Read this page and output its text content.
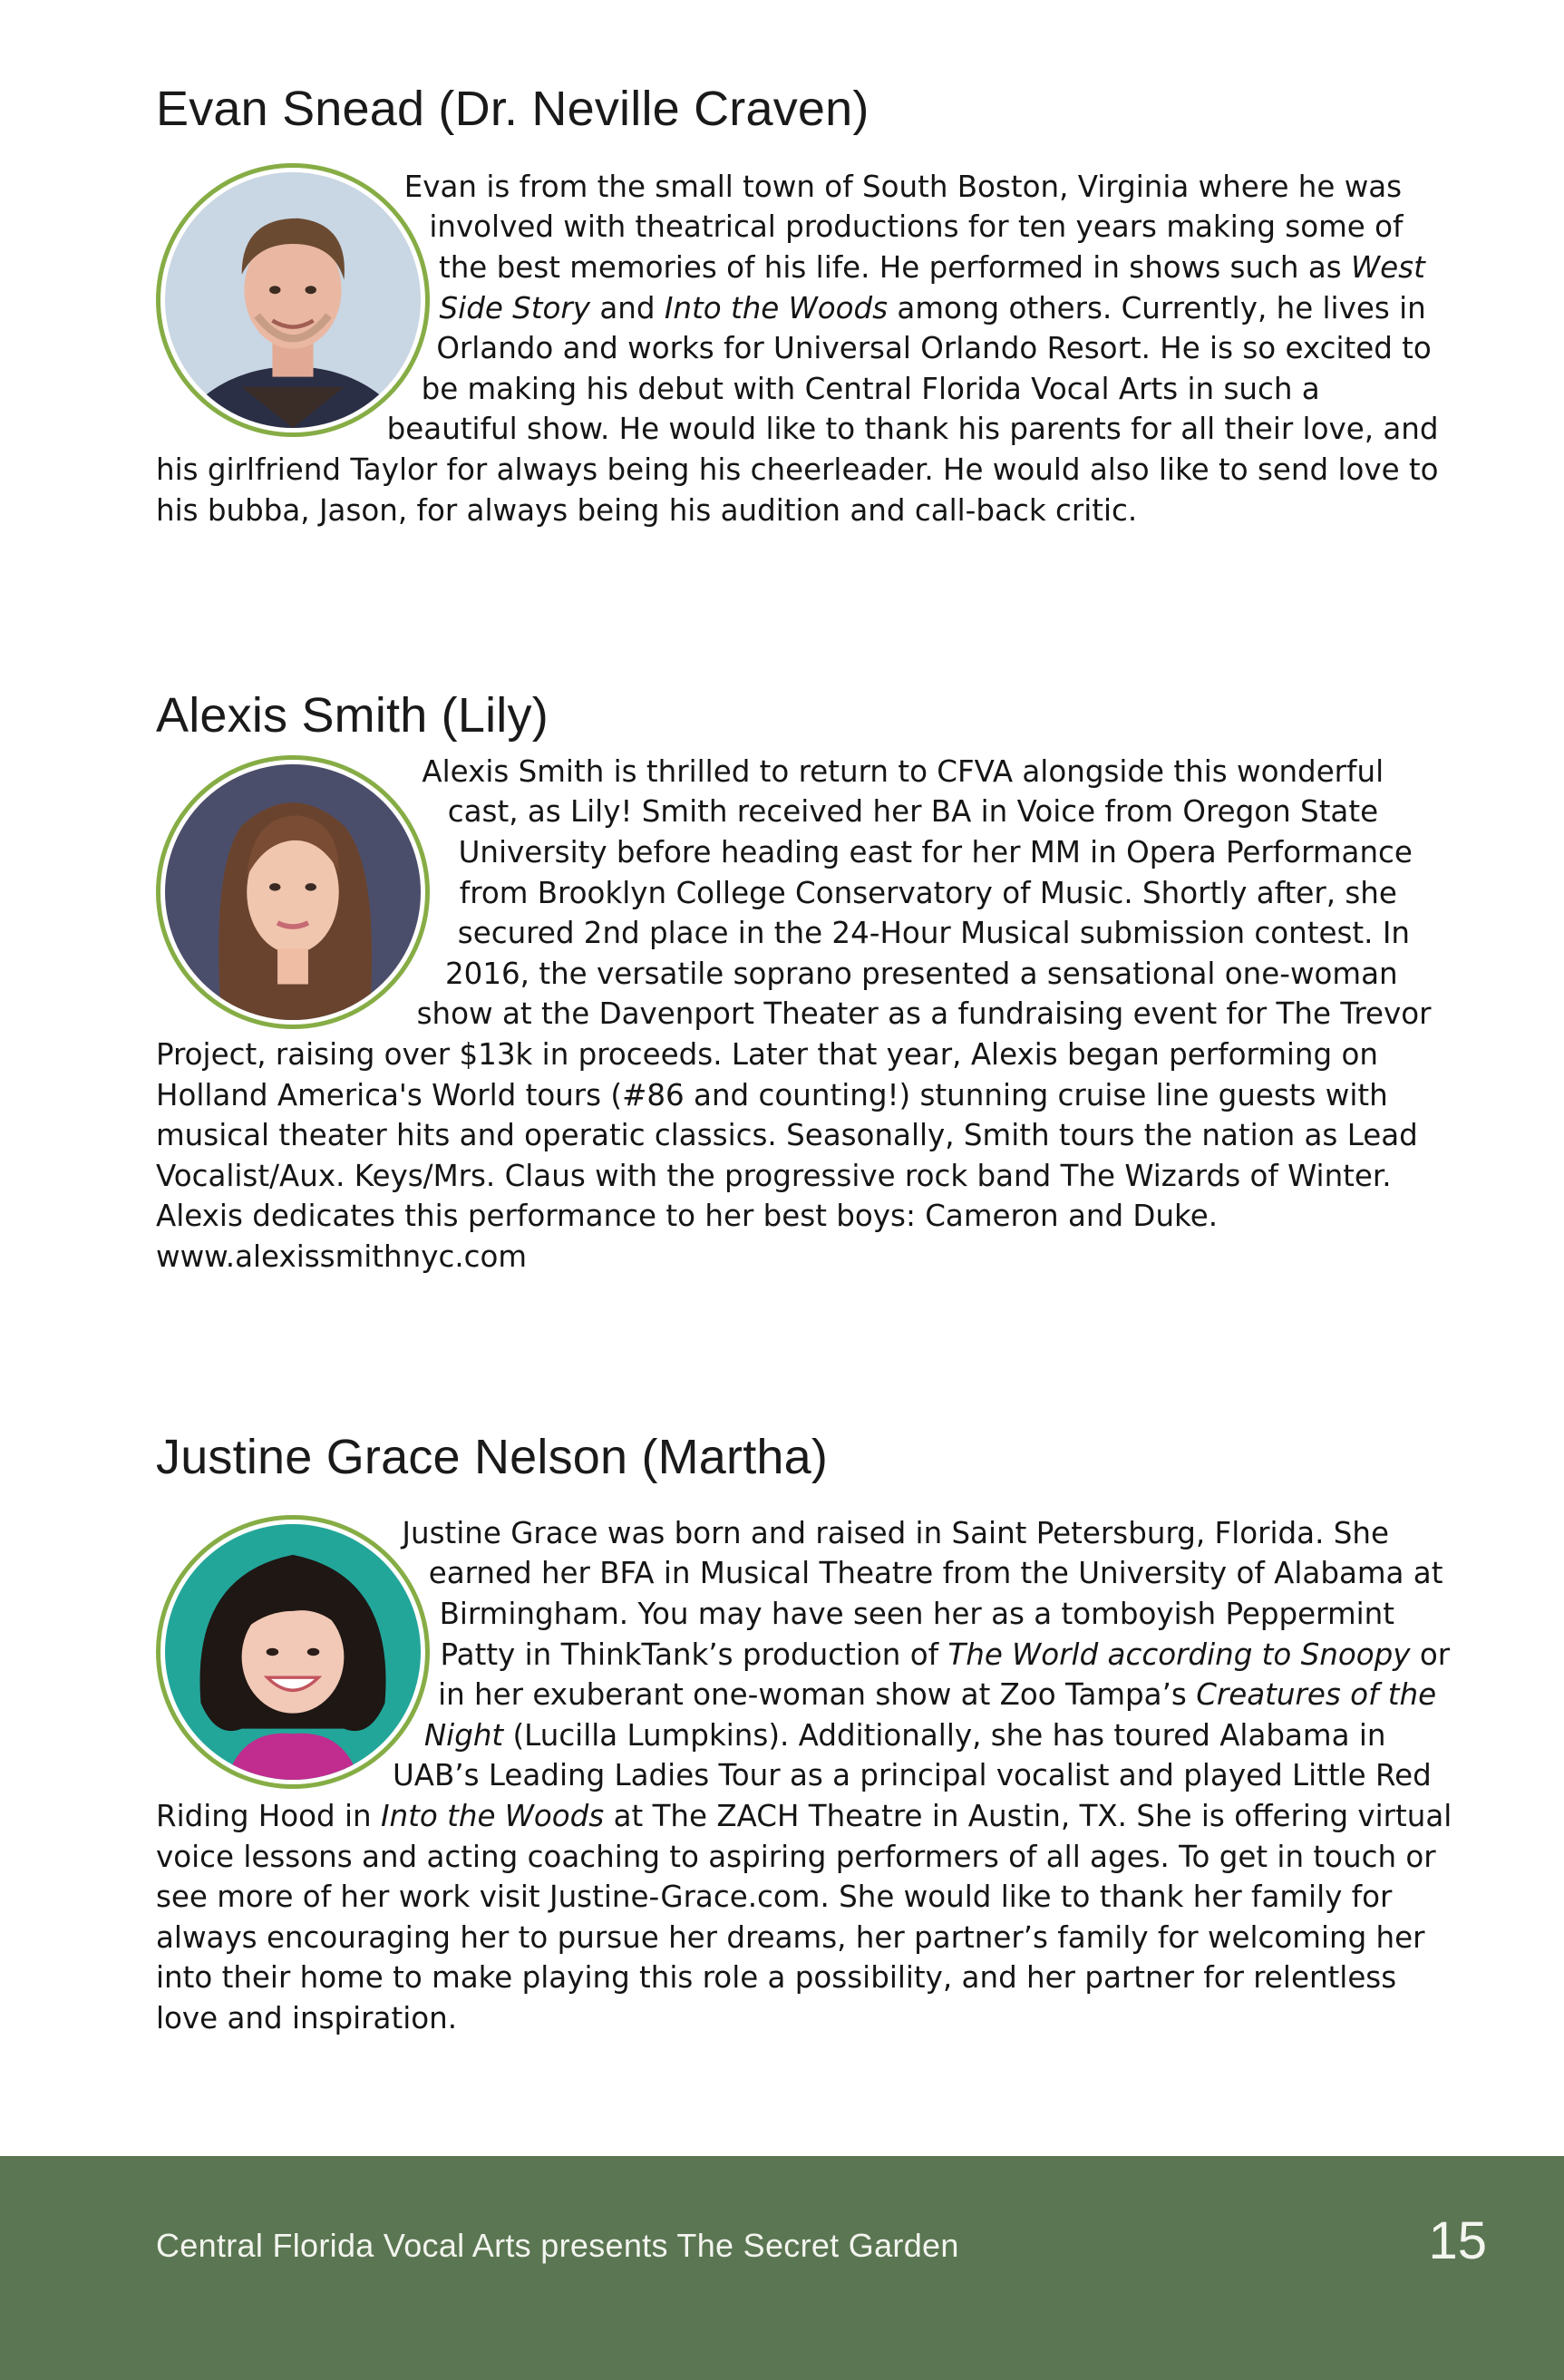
Evan Snead (Dr. Neville Craven)

Evan is from the small town of South Boston, Virginia where he was involved with theatrical productions for ten years making some of the best memories of his life. He performed in shows such as West Side Story and Into the Woods among others. Currently, he lives in Orlando and works for Universal Orlando Resort. He is so excited to be making his debut with Central Florida Vocal Arts in such a beautiful show. He would like to thank his parents for all their love, and his girlfriend Taylor for always being his cheerleader. He would also like to send love to his bubba, Jason, for always being his audition and call-back critic.

Alexis Smith (Lily)

Alexis Smith is thrilled to return to CFVA alongside this wonderful cast, as Lily! Smith received her BA in Voice from Oregon State University before heading east for her MM in Opera Performance from Brooklyn College Conservatory of Music. Shortly after, she secured 2nd place in the 24-Hour Musical submission contest. In 2016, the versatile soprano presented a sensational one-woman show at the Davenport Theater as a fundraising event for The Trevor Project, raising over $13k in proceeds. Later that year, Alexis began performing on Holland America's World tours (#86 and counting!) stunning cruise line guests with musical theater hits and operatic classics. Seasonally, Smith tours the nation as Lead Vocalist/Aux. Keys/Mrs. Claus with the progressive rock band The Wizards of Winter. Alexis dedicates this performance to her best boys: Cameron and Duke.
www.alexissmithnyc.com

Justine Grace Nelson (Martha)

Justine Grace was born and raised in Saint Petersburg, Florida. She earned her BFA in Musical Theatre from the University of Alabama at Birmingham. You may have seen her as a tomboyish Peppermint Patty in ThinkTank’s production of The World according to Snoopy or in her exuberant one-woman show at Zoo Tampa’s Creatures of the Night (Lucilla Lumpkins). Additionally, she has toured Alabama in UAB’s Leading Ladies Tour as a principal vocalist and played Little Red Riding Hood in Into the Woods at The ZACH Theatre in Austin, TX. She is offering virtual voice lessons and acting coaching to aspiring performers of all ages. To get in touch or see more of her work visit Justine-Grace.com. She would like to thank her family for always encouraging her to pursue her dreams, her partner’s family for welcoming her into their home to make playing this role a possibility, and her partner for relentless love and inspiration.

Central Florida Vocal Arts presents The Secret Garden	15
